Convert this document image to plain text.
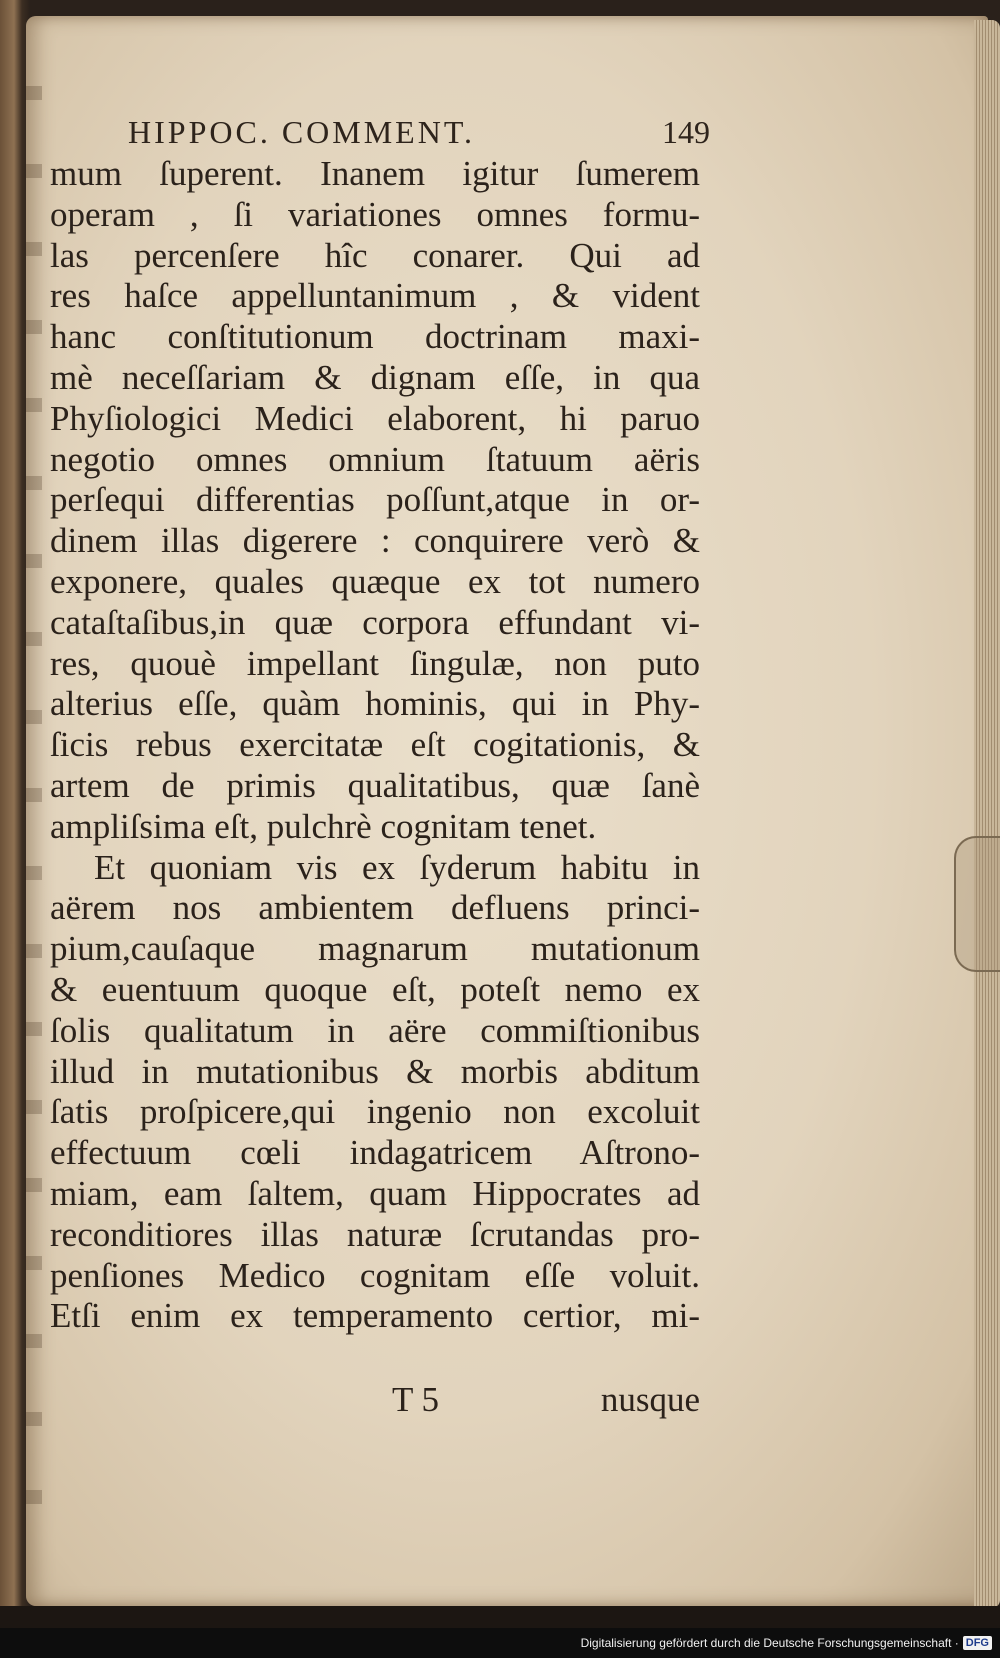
HIPPOC. COMMENT.	149
mum ſuperent. Inanem igitur ſumerem
operam , ſi variationes omnes formu-
las percenſere hîc conarer. Qui ad
res haſce appelluntanimum , & vident
hanc conſtitutionum doctrinam maxi-
mè neceſſariam & dignam eſſe, in qua
Phyſiologici Medici elaborent, hi paruo
negotio omnes omnium ſtatuum aëris
perſequi differentias poſſunt,atque in or-
dinem illas digerere : conquirere verò &
exponere, quales quæque ex tot numero
cataſtaſibus,in quæ corpora effundant vi-
res, quouè impellant ſingulæ, non puto
alterius eſſe, quàm hominis, qui in Phy-
ſicis rebus exercitatæ eſt cogitationis, &
artem de primis qualitatibus, quæ ſanè
ampliſsima eſt, pulchrè cognitam tenet.
Et quoniam vis ex ſyderum habitu in
aërem nos ambientem defluens princi-
pium,cauſaque magnarum mutationum
& euentuum quoque eſt, poteſt nemo ex
ſolis qualitatum in aëre commiſtionibus
illud in mutationibus & morbis abditum
ſatis proſpicere,qui ingenio non excoluit
effectuum cœli indagatricem Aſtrono-
miam, eam ſaltem, quam Hippocrates ad
reconditiores illas naturæ ſcrutandas pro-
penſiones Medico cognitam eſſe voluit.
Etſi enim ex temperamento certior, mi-
T 5	nusque
Digitalisierung gefördert durch die Deutsche Forschungsgemeinschaft · DFG
